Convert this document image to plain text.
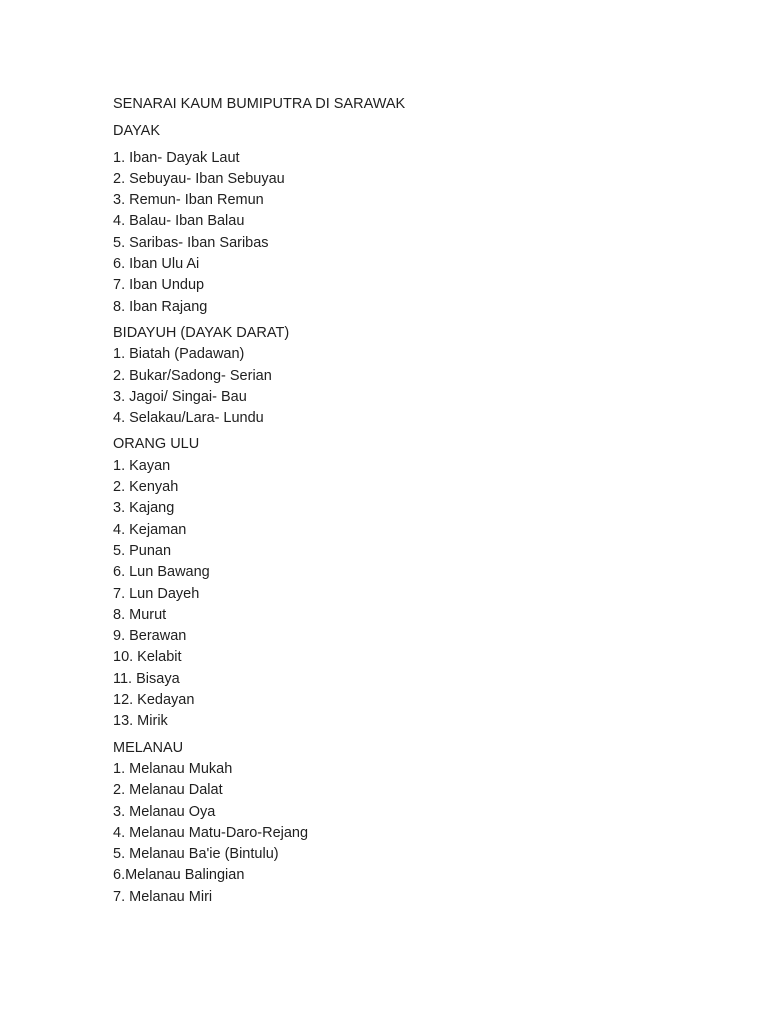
SENARAI KAUM BUMIPUTRA DI SARAWAK
DAYAK
1. Iban- Dayak Laut
2. Sebuyau- Iban Sebuyau
3. Remun- Iban Remun
4. Balau- Iban Balau
5. Saribas- Iban Saribas
6. Iban Ulu Ai
7. Iban Undup
8. Iban Rajang
BIDAYUH (DAYAK DARAT)
1. Biatah (Padawan)
2. Bukar/Sadong- Serian
3. Jagoi/ Singai- Bau
4. Selakau/Lara- Lundu
ORANG ULU
1. Kayan
2. Kenyah
3. Kajang
4. Kejaman
5. Punan
6. Lun Bawang
7. Lun Dayeh
8. Murut
9. Berawan
10. Kelabit
11. Bisaya
12. Kedayan
13. Mirik
MELANAU
1. Melanau Mukah
2. Melanau Dalat
3. Melanau Oya
4. Melanau Matu-Daro-Rejang
5. Melanau Ba'ie (Bintulu)
6.Melanau Balingian
7. Melanau Miri
